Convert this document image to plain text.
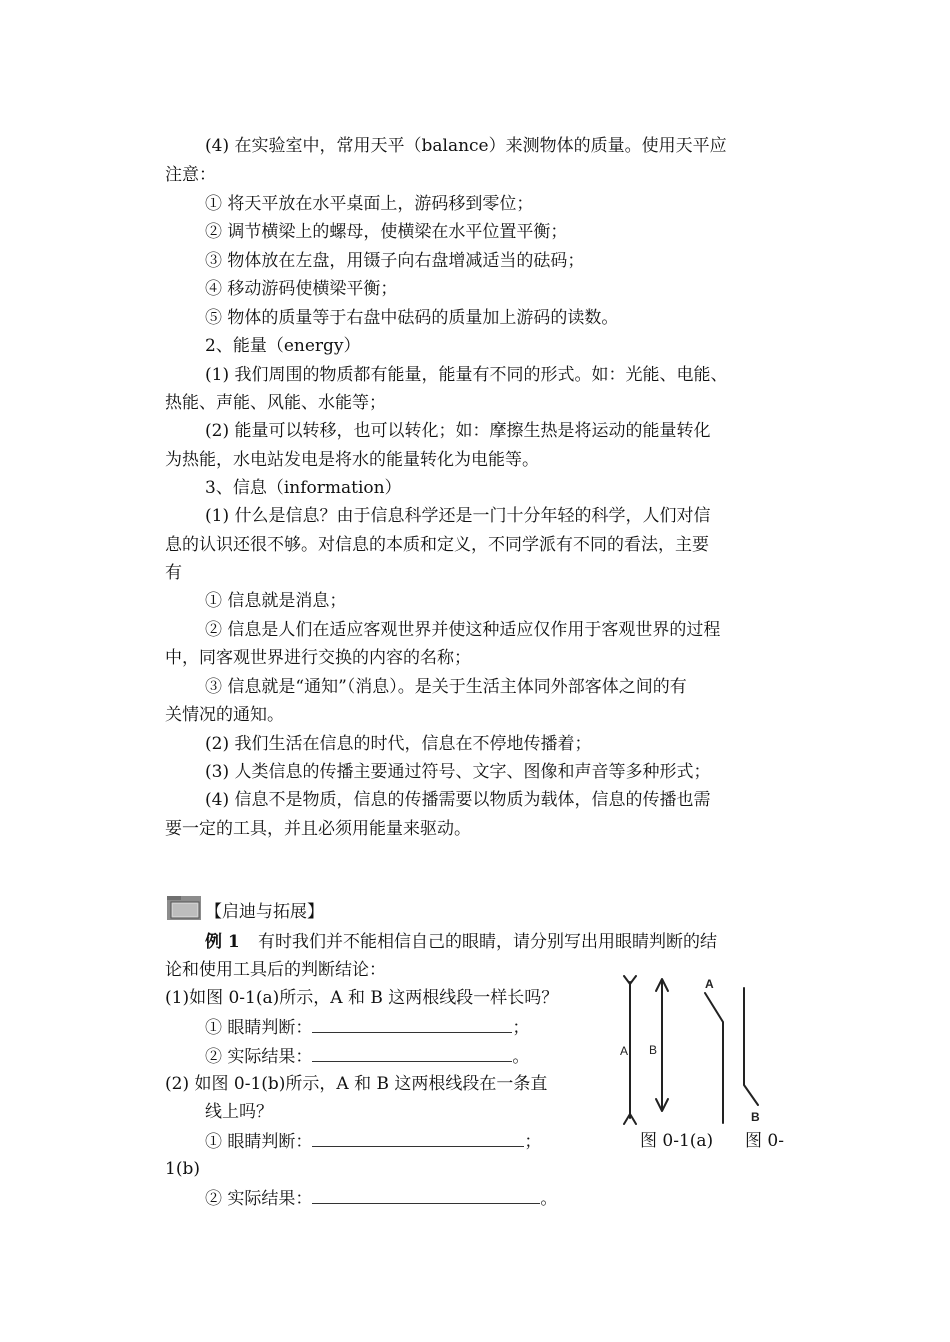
(4) 在实验室中，常用天平（balance）来测物体的质量。使用天平应
注意：
① 将天平放在水平桌面上，游码移到零位；
② 调节横梁上的螺母，使横梁在水平位置平衡；
③ 物体放在左盘，用镊子向右盘增减适当的砝码；
④ 移动游码使横梁平衡；
⑤ 物体的质量等于右盘中砝码的质量加上游码的读数。
2、能量（energy）
(1) 我们周围的物质都有能量，能量有不同的形式。如：光能、电能、
热能、声能、风能、水能等；
(2) 能量可以转移，也可以转化；如：摩擦生热是将运动的能量转化
为热能，水电站发电是将水的能量转化为电能等。
3、信息（information）
(1) 什么是信息？由于信息科学还是一门十分年轻的科学，人们对信
息的认识还很不够。对信息的本质和定义，不同学派有不同的看法，主要
有
① 信息就是消息；
② 信息是人们在适应客观世界并使这种适应仅作用于客观世界的过程
中，同客观世界进行交换的内容的名称；
③ 信息就是“通知”（消息）。是关于生活主体同外部客体之间的有
关情况的通知。
(2) 我们生活在信息的时代，信息在不停地传播着；
(3) 人类信息的传播主要通过符号、文字、图像和声音等多种形式；
(4) 信息不是物质，信息的传播需要以物质为载体，信息的传播也需
要一定的工具，并且必须用能量来驱动。
【启迪与拓展】
例 1 有时我们并不能相信自己的眼睛，请分别写出用眼睛判断的结
论和使用工具后的判断结论：
(1)如图 0-1(a)所示，A 和 B 这两根线段一样长吗？
① 眼睛判断：	；
② 实际结果：	。
(2) 如图 0-1(b)所示，A 和 B 这两根线段在一条直
线上吗？
① 眼睛判断：	；	图 0-1(a) 图 0-
1(b)
② 实际结果：	。
A B
A
B
